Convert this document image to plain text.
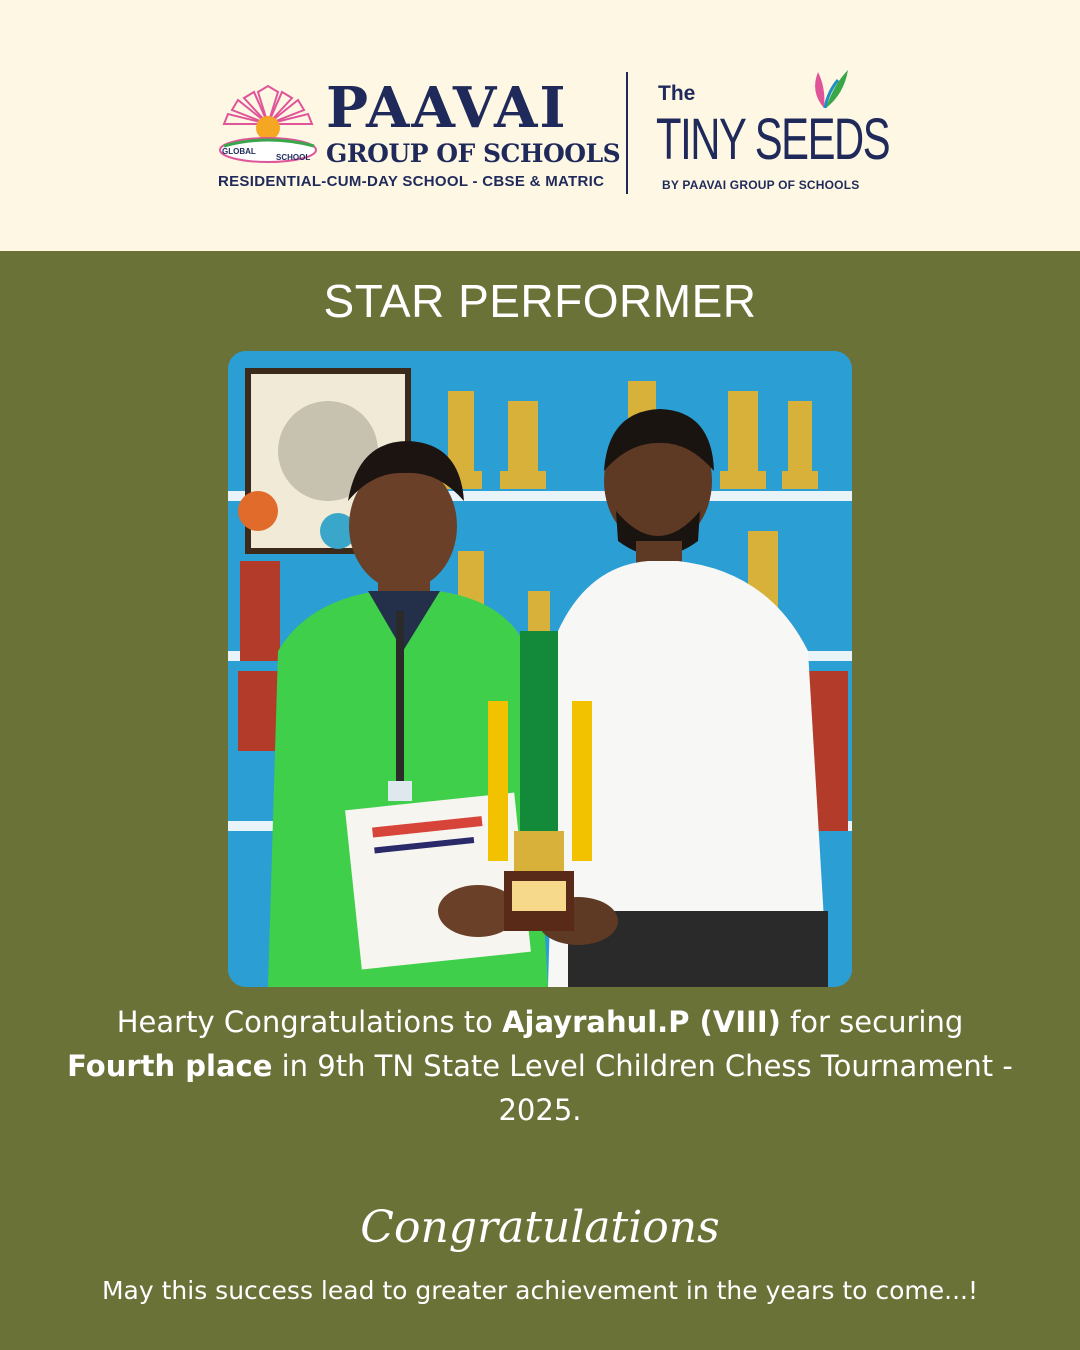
GLOBAL
SCHOOL
PAAVAI
GROUP OF SCHOOLS
RESIDENTIAL-CUM-DAY SCHOOL - CBSE & MATRIC
The
TINY SEEDS
BY PAAVAI GROUP OF SCHOOLS
STAR PERFORMER
Hearty Congratulations to Ajayrahul.P (VIII) for securing Fourth place in 9th TN State Level Children Chess Tournament - 2025.
Congratulations
May this success lead to greater achievement in the years to come...!
